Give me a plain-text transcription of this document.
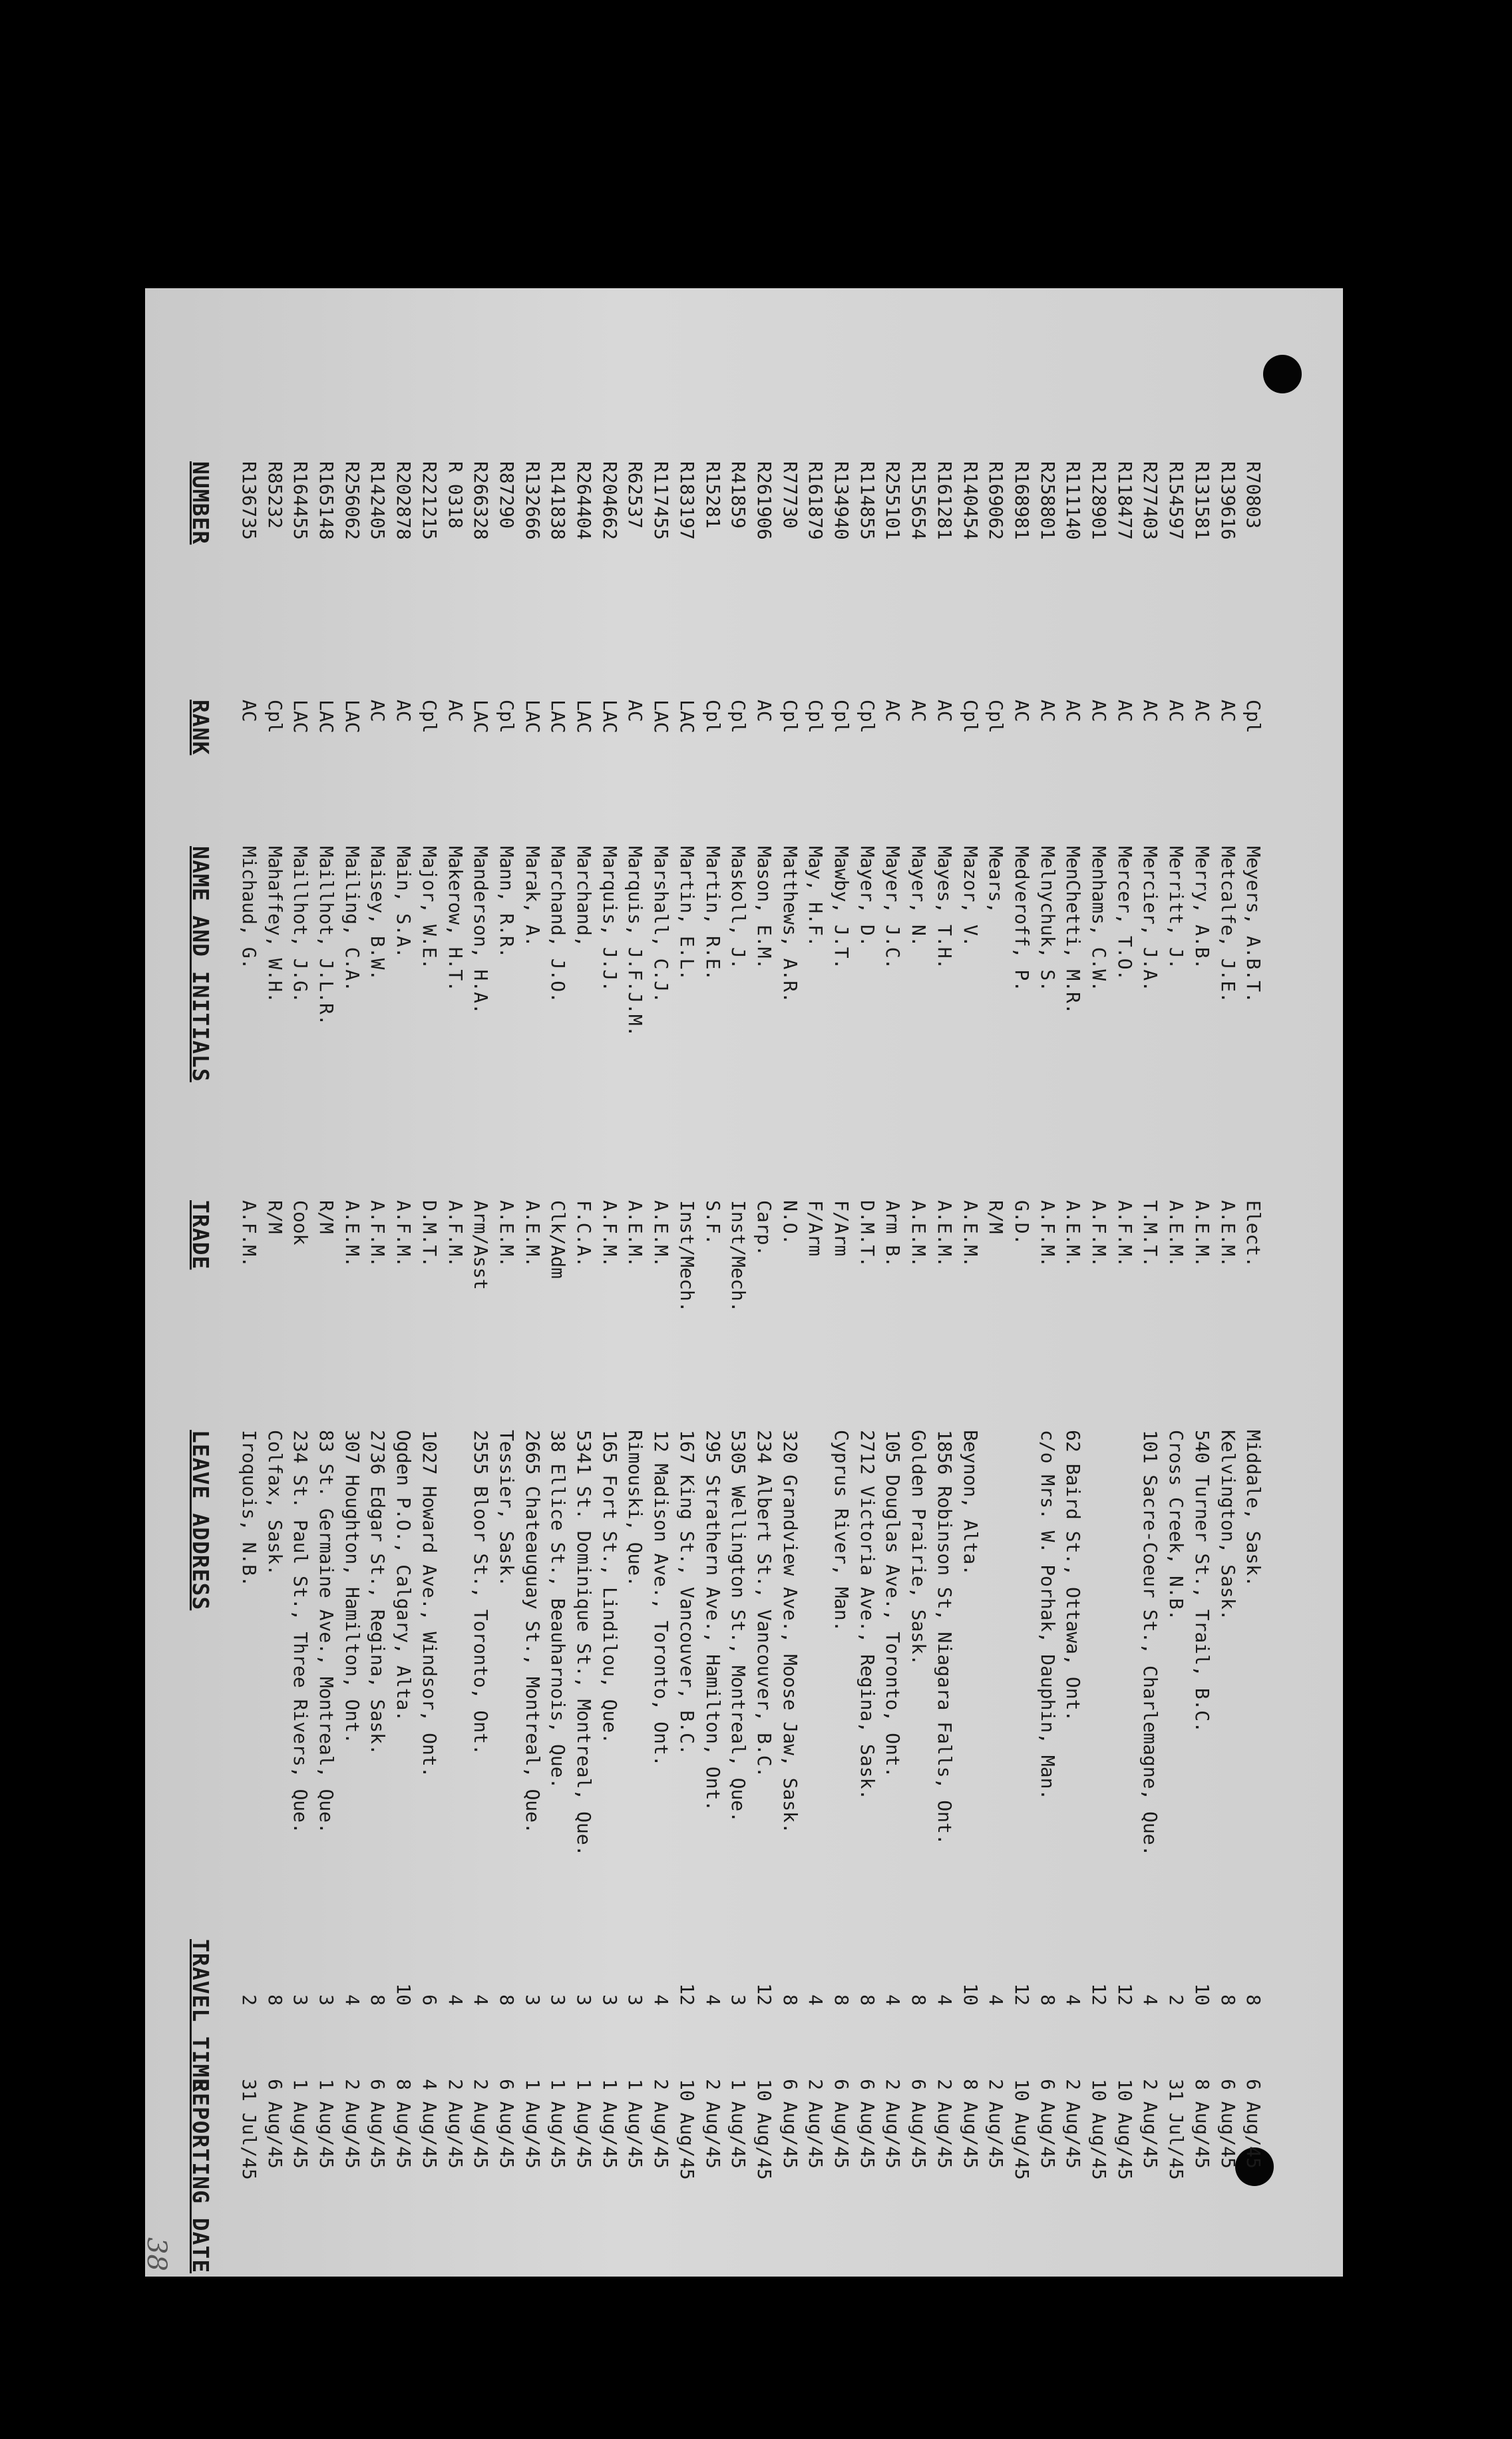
NUMBER
RANK
NAME AND INITIALS
TRADE
LEAVE ADDRESS
TRAVEL TIME
REPORTING DATE
R136735
AC
Michaud, G.
A.F.M.
Iroquois, N.B.
2
31 Jul/45
R85232
Cpl
Mahaffey, W.H.
R/M
Colfax, Sask.
8
6 Aug/45
R164455
LAC
Maillhot, J.G.
Cook
234 St. Paul St., Three Rivers, Que.
3
1 Aug/45
R165148
LAC
Maillhot, J.L.R.
R/M
83 St. Germaine Ave., Montreal, Que.
3
1 Aug/45
R256062
LAC
Mailing, C.A.
A.E.M.
307 Houghton, Hamilton, Ont.
4
2 Aug/45
R142405
AC
Maisey, B.W.
A.F.M.
2736 Edgar St., Regina, Sask.
8
6 Aug/45
R202878
AC
Main, S.A.
A.F.M.
Ogden P.O., Calgary, Alta.
10
8 Aug/45
R221215
Cpl
Major, W.E.
D.M.T.
1027 Howard Ave., Windsor, Ont.
6
4 Aug/45
R 0318
AC
Makerow, H.T.
A.F.M.
4
2 Aug/45
R266328
LAC
Manderson, H.A.
Arm/Asst
2555 Bloor St., Toronto, Ont.
4
2 Aug/45
R87290
Cpl
Mann, R.R.
A.E.M.
Tessier, Sask.
8
6 Aug/45
R132666
LAC
Marak, A.
A.E.M.
2665 Chateauguay St., Montreal, Que.
3
1 Aug/45
R141838
LAC
Marchand, J.O.
Clk/Adm
38 Ellice St., Beauharnois, Que.
3
1 Aug/45
R264404
LAC
Marchand,
F.C.A.
5341 St. Dominique St., Montreal, Que.
3
1 Aug/45
R204662
LAC
Marquis, J.J.
A.F.M.
165 Fort St., Lindilou, Que.
3
1 Aug/45
R62537
AC
Marquis, J.F.J.M.
A.E.M.
Rimouski, Que.
3
1 Aug/45
R117455
LAC
Marshall, C.J.
A.E.M.
12 Madison Ave., Toronto, Ont.
4
2 Aug/45
R183197
LAC
Martin, E.L.
Inst/Mech.
167 King St., Vancouver, B.C.
12
10 Aug/45
R15281
Cpl
Martin, R.E.
S.F.
295 Strathern Ave., Hamilton, Ont.
4
2 Aug/45
R41859
Cpl
Maskoll, J.
Inst/Mech.
5305 Wellington St., Montreal, Que.
3
1 Aug/45
R261906
AC
Mason, E.M.
Carp.
234 Albert St., Vancouver, B.C.
12
10 Aug/45
R77730
Cpl
Matthews, A.R.
N.O.
320 Grandview Ave., Moose Jaw, Sask.
8
6 Aug/45
R161879
Cpl
May, H.F.
F/Arm
4
2 Aug/45
R134940
Cpl
Mawby, J.T.
F/Arm
Cyprus River, Man.
8
6 Aug/45
R114855
Cpl
Mayer, D.
D.M.T.
2712 Victoria Ave., Regina, Sask.
8
6 Aug/45
R255101
AC
Mayer, J.C.
Arm B.
105 Douglas Ave., Toronto, Ont.
4
2 Aug/45
R155654
AC
Mayer, N.
A.E.M.
Golden Prairie, Sask.
8
6 Aug/45
R161281
AC
Mayes, T.H.
A.E.M.
1856 Robinson St, Niagara Falls, Ont.
4
2 Aug/45
R140454
Cpl
Mazor, V.
A.E.M.
Beynon, Alta.
10
8 Aug/45
R169062
Cpl
Mears,
R/M
4
2 Aug/45
R168981
AC
Medveroff, P.
G.D.
12
10 Aug/45
R258801
AC
Melnychuk, S.
A.F.M.
c/o Mrs. W. Porhak, Dauphin, Man.
8
6 Aug/45
R111140
AC
MenChetti, M.R.
A.E.M.
62 Baird St., Ottawa, Ont.
4
2 Aug/45
R128901
AC
Menhams, C.W.
A.F.M.
12
10 Aug/45
R118477
AC
Mercer, T.O.
A.F.M.
12
10 Aug/45
R277403
AC
Mercier, J.A.
T.M.T.
101 Sacre-Coeur St., Charlemagne, Que.
4
2 Aug/45
R154597
AC
Merritt, J.
A.E.M.
Cross Creek, N.B.
2
31 Jul/45
R131581
AC
Merry, A.B.
A.E.M.
540 Turner St., Trail, B.C.
10
8 Aug/45
R139616
AC
Metcalfe, J.E.
A.E.M.
Kelvington, Sask.
8
6 Aug/45
R70803
Cpl
Meyers, A.B.T.
Elect.
Middale, Sask.
8
6 Aug/45
38
